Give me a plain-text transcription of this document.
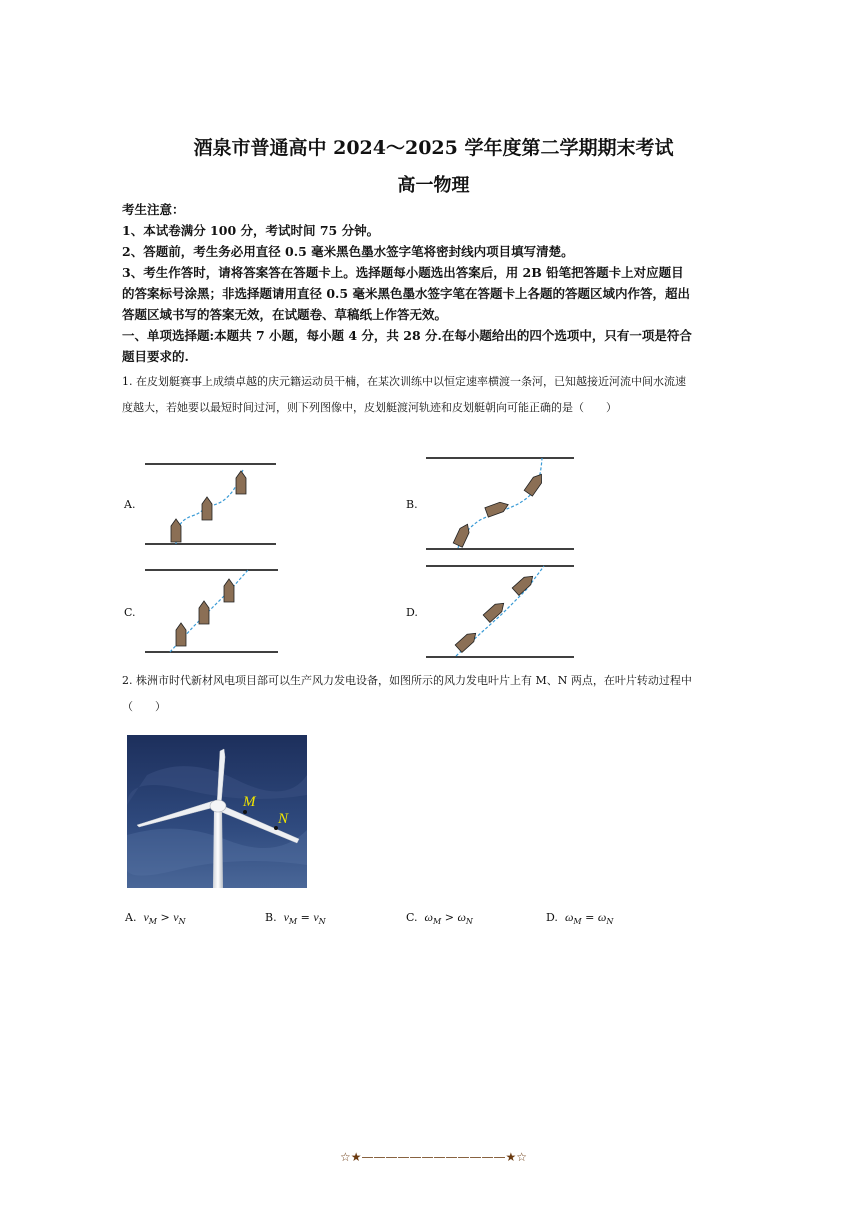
酒泉市普通高中 2024～2025 学年度第二学期期末考试
高一物理
考生注意：
1、本试卷满分 100 分，考试时间 75 分钟。
2、答题前，考生务必用直径 0.5 毫米黑色墨水签字笔将密封线内项目填写清楚。
3、考生作答时，请将答案答在答题卡上。选择题每小题选出答案后，用 2B 铅笔把答题卡上对应题目的答案标号涂黑；非选择题请用直径 0.5 毫米黑色墨水签字笔在答题卡上各题的答题区域内作答，超出答题区域书写的答案无效，在试题卷、草稿纸上作答无效。
一、单项选择题:本题共 7 小题，每小题 4 分，共 28 分.在每小题给出的四个选项中，只有一项是符合题目要求的.
1. 在皮划艇赛事上成绩卓越的庆元籍运动员干楠，在某次训练中以恒定速率横渡一条河，已知越接近河流中间水流速度越大，若她要以最短时间过河，则下列图像中，皮划艇渡河轨迹和皮划艇朝向可能正确的是（　　）
A.	B.
C.	D.
2. 株洲市时代新材风电项目部可以生产风力发电设备，如图所示的风力发电叶片上有 M、N 两点，在叶片转动过程中（　　）
M
N
A. $v_M > v_N$	B. $v_M = v_N$	C. $\omega_M > \omega_N$	D. $\omega_M = \omega_N$
☆★————————————★☆
